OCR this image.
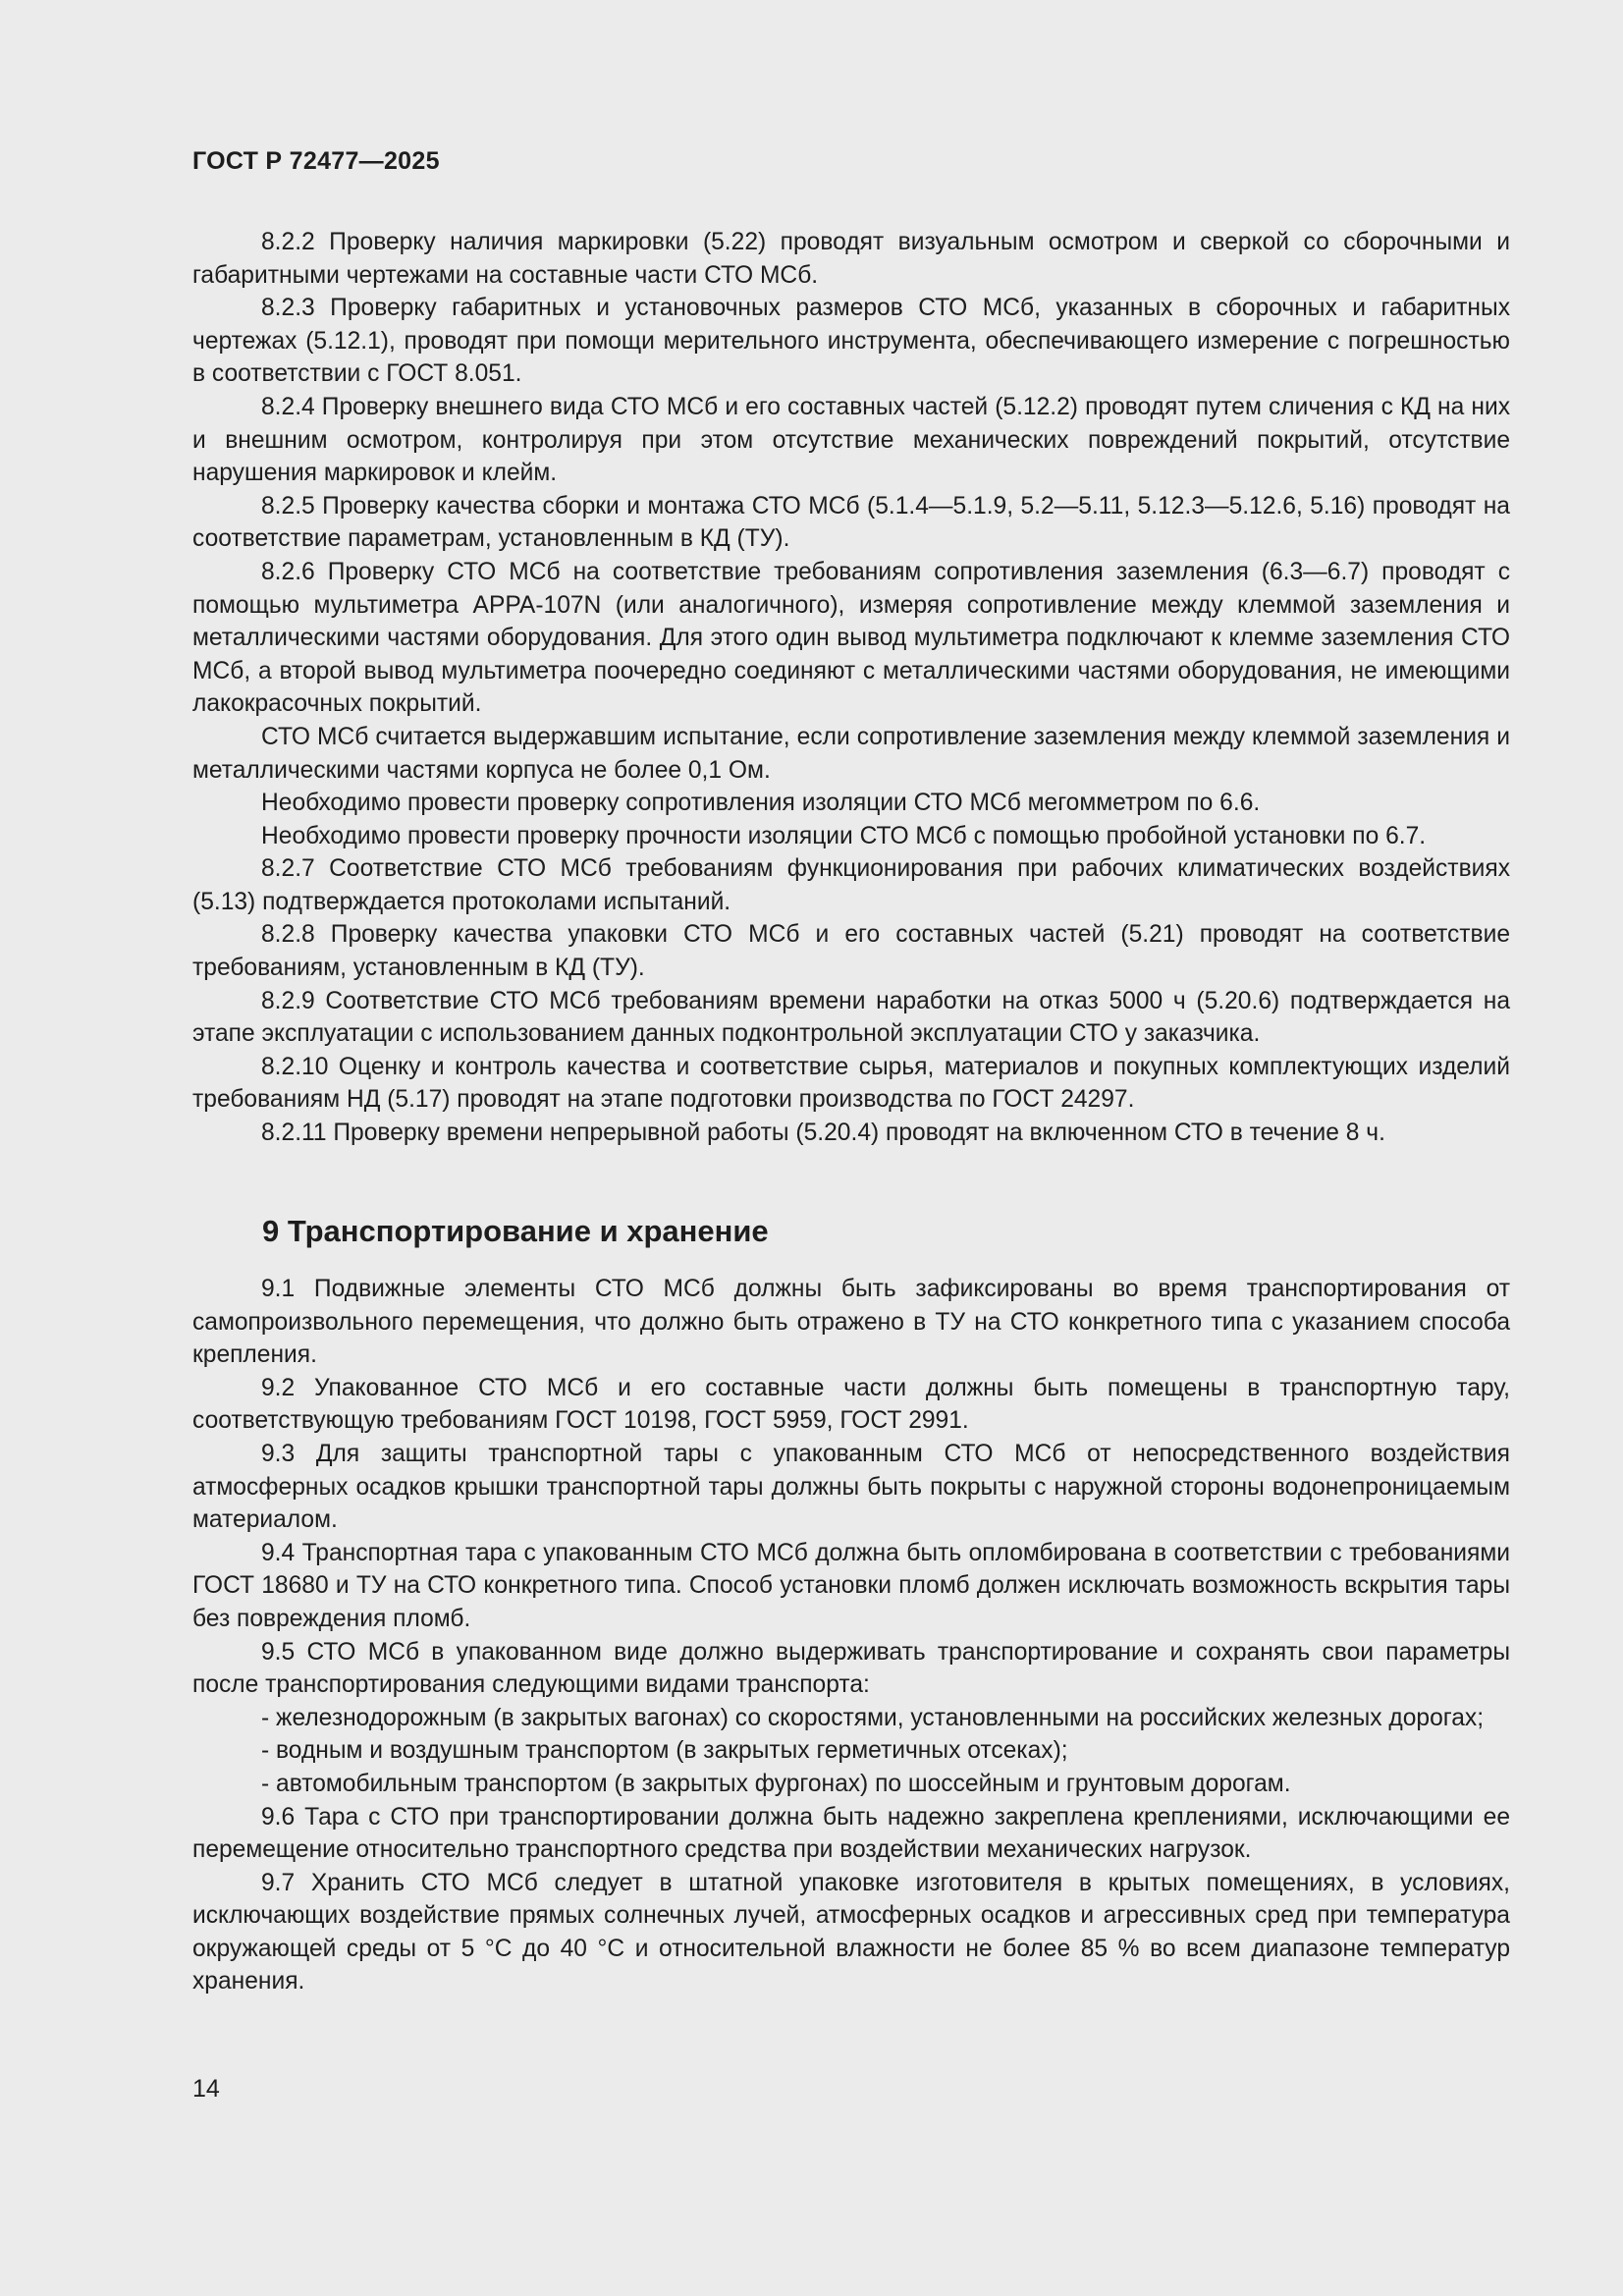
ГОСТ Р 72477—2025

8.2.2 Проверку наличия маркировки (5.22) проводят визуальным осмотром и сверкой со сборочными и габаритными чертежами на составные части СТО МСб.

8.2.3 Проверку габаритных и установочных размеров СТО МСб, указанных в сборочных и габаритных чертежах (5.12.1), проводят при помощи мерительного инструмента, обеспечивающего измерение с погрешностью в соответствии с ГОСТ 8.051.

8.2.4 Проверку внешнего вида СТО МСб и его составных частей (5.12.2) проводят путем сличения с КД на них и внешним осмотром, контролируя при этом отсутствие механических повреждений покрытий, отсутствие нарушения маркировок и клейм.

8.2.5 Проверку качества сборки и монтажа СТО МСб (5.1.4—5.1.9, 5.2—5.11, 5.12.3—5.12.6, 5.16) проводят на соответствие параметрам, установленным в КД (ТУ).

8.2.6 Проверку СТО МСб на соответствие требованиям сопротивления заземления (6.3—6.7) проводят с помощью мультиметра APPA-107N (или аналогичного), измеряя сопротивление между клеммой заземления и металлическими частями оборудования. Для этого один вывод мультиметра подключают к клемме заземления СТО МСб, а второй вывод мультиметра поочередно соединяют с металлическими частями оборудования, не имеющими лакокрасочных покрытий.

СТО МСб считается выдержавшим испытание, если сопротивление заземления между клеммой заземления и металлическими частями корпуса не более 0,1 Ом.

Необходимо провести проверку сопротивления изоляции СТО МСб мегомметром по 6.6.

Необходимо провести проверку прочности изоляции СТО МСб с помощью пробойной установки по 6.7.

8.2.7 Соответствие СТО МСб требованиям функционирования при рабочих климатических воздействиях (5.13) подтверждается протоколами испытаний.

8.2.8 Проверку качества упаковки СТО МСб и его составных частей (5.21) проводят на соответствие требованиям, установленным в КД (ТУ).

8.2.9 Соответствие СТО МСб требованиям времени наработки на отказ 5000 ч (5.20.6) подтверждается на этапе эксплуатации с использованием данных подконтрольной эксплуатации СТО у заказчика.

8.2.10 Оценку и контроль качества и соответствие сырья, материалов и покупных комплектующих изделий требованиям НД (5.17) проводят на этапе подготовки производства по ГОСТ 24297.

8.2.11 Проверку времени непрерывной работы (5.20.4) проводят на включенном СТО в течение 8 ч.

9 Транспортирование и хранение

9.1 Подвижные элементы СТО МСб должны быть зафиксированы во время транспортирования от самопроизвольного перемещения, что должно быть отражено в ТУ на СТО конкретного типа с указанием способа крепления.

9.2 Упакованное СТО МСб и его составные части должны быть помещены в транспортную тару, соответствующую требованиям ГОСТ 10198, ГОСТ 5959, ГОСТ 2991.

9.3 Для защиты транспортной тары с упакованным СТО МСб от непосредственного воздействия атмосферных осадков крышки транспортной тары должны быть покрыты с наружной стороны водонепроницаемым материалом.

9.4 Транспортная тара с упакованным СТО МСб должна быть опломбирована в соответствии с требованиями ГОСТ 18680 и ТУ на СТО конкретного типа. Способ установки пломб должен исключать возможность вскрытия тары без повреждения пломб.

9.5 СТО МСб в упакованном виде должно выдерживать транспортирование и сохранять свои параметры после транспортирования следующими видами транспорта:

- железнодорожным (в закрытых вагонах) со скоростями, установленными на российских железных дорогах;

- водным и воздушным транспортом (в закрытых герметичных отсеках);

- автомобильным транспортом (в закрытых фургонах) по шоссейным и грунтовым дорогам.

9.6 Тара с СТО при транспортировании должна быть надежно закреплена креплениями, исключающими ее перемещение относительно транспортного средства при воздействии механических нагрузок.

9.7 Хранить СТО МСб следует в штатной упаковке изготовителя в крытых помещениях, в условиях, исключающих воздействие прямых солнечных лучей, атмосферных осадков и агрессивных сред при температура окружающей среды от 5 °С до 40 °С и относительной влажности не более 85 % во всем диапазоне температур хранения.

14
